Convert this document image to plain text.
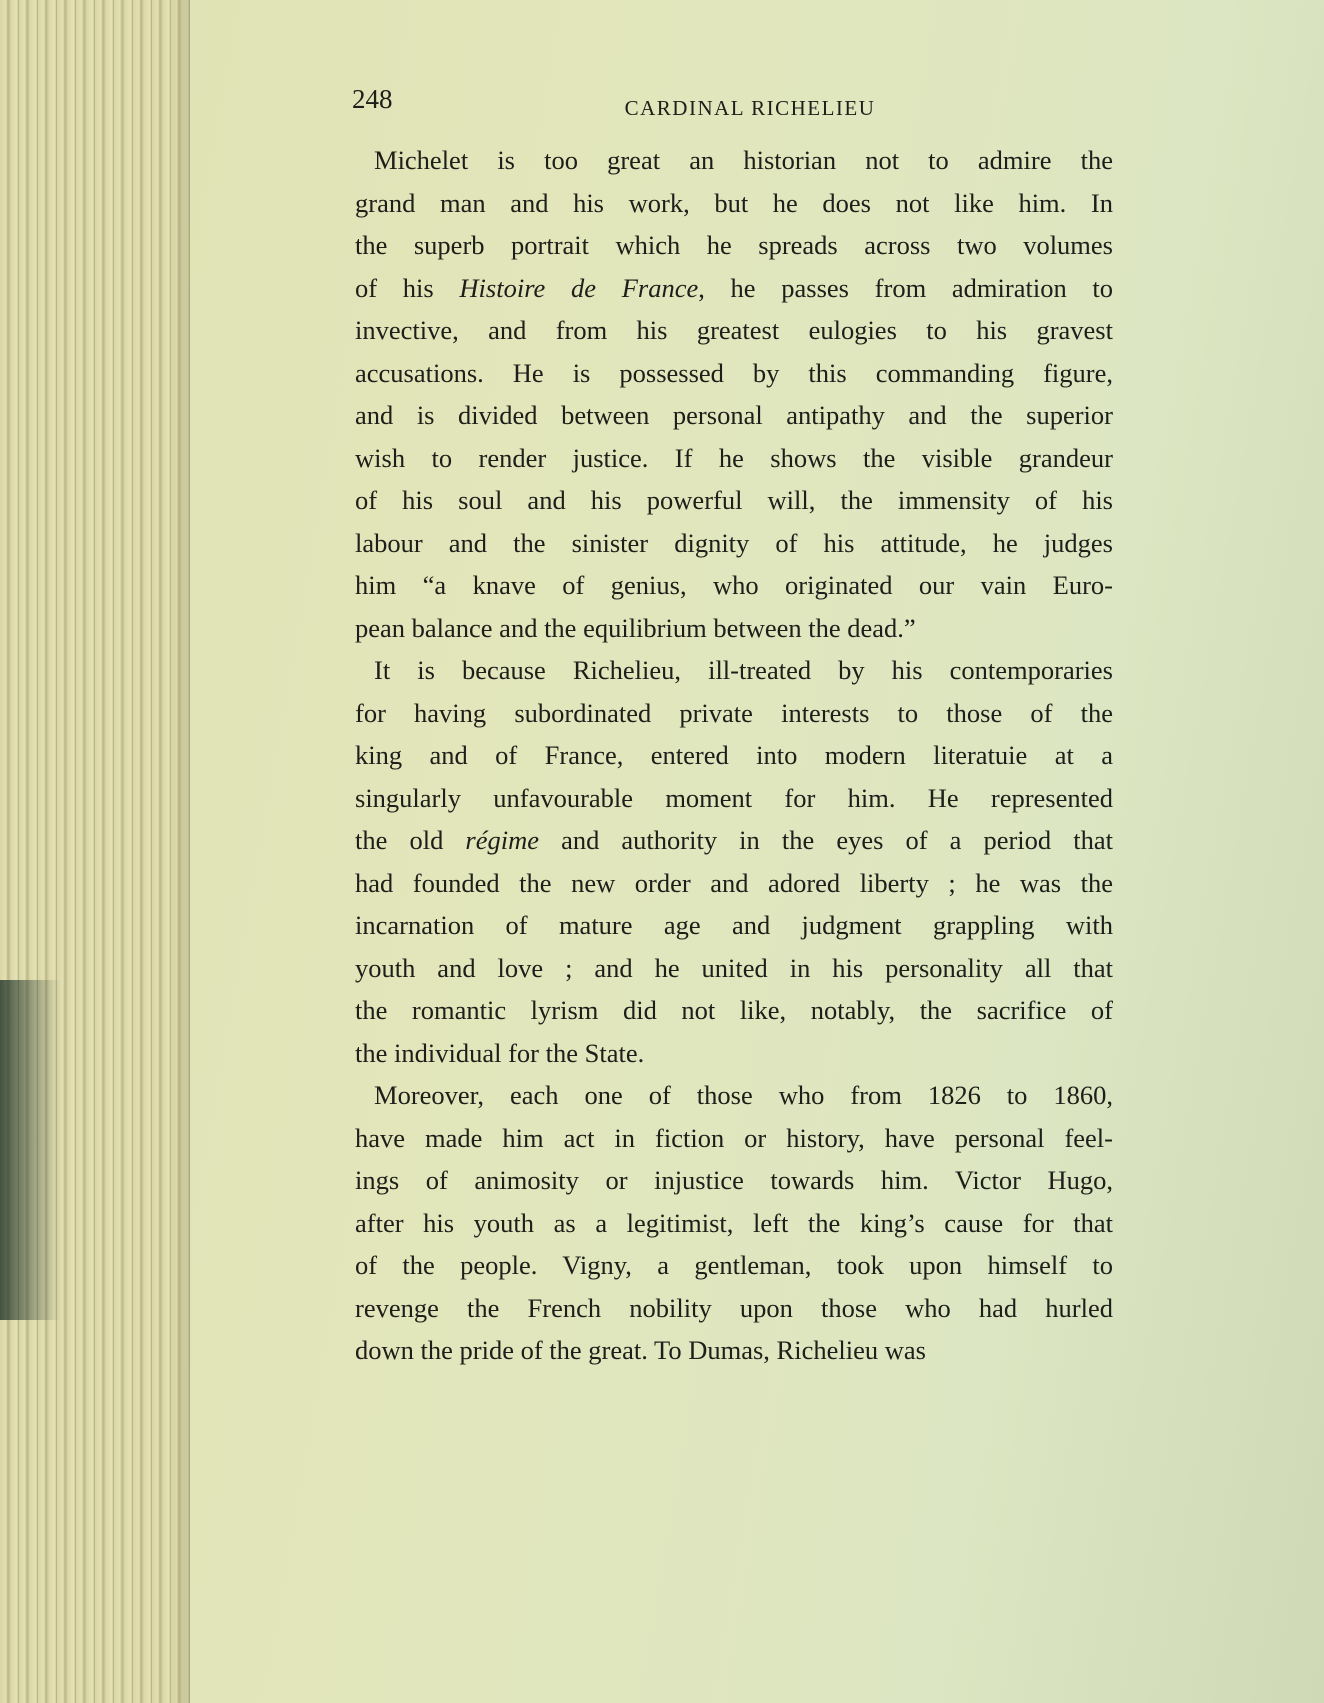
248	CARDINAL RICHELIEU
Michelet is too great an historian not to admire the
grand man and his work, but he does not like him. In
the superb portrait which he spreads across two volumes
of his Histoire de France, he passes from admiration to
invective, and from his greatest eulogies to his gravest
accusations. He is possessed by this commanding figure,
and is divided between personal antipathy and the superior
wish to render justice. If he shows the visible grandeur
of his soul and his powerful will, the immensity of his
labour and the sinister dignity of his attitude, he judges
him “a knave of genius, who originated our vain Euro-
pean balance and the equilibrium between the dead.”
It is because Richelieu, ill-treated by his contemporaries
for having subordinated private interests to those of the
king and of France, entered into modern literatuie at a
singularly unfavourable moment for him. He represented
the old régime and authority in the eyes of a period that
had founded the new order and adored liberty ; he was the
incarnation of mature age and judgment grappling with
youth and love ; and he united in his personality all that
the romantic lyrism did not like, notably, the sacrifice of
the individual for the State.
Moreover, each one of those who from 1826 to 1860,
have made him act in fiction or history, have personal feel-
ings of animosity or injustice towards him. Victor Hugo,
after his youth as a legitimist, left the king’s cause for that
of the people. Vigny, a gentleman, took upon himself to
revenge the French nobility upon those who had hurled
down the pride of the great. To Dumas, Richelieu was
